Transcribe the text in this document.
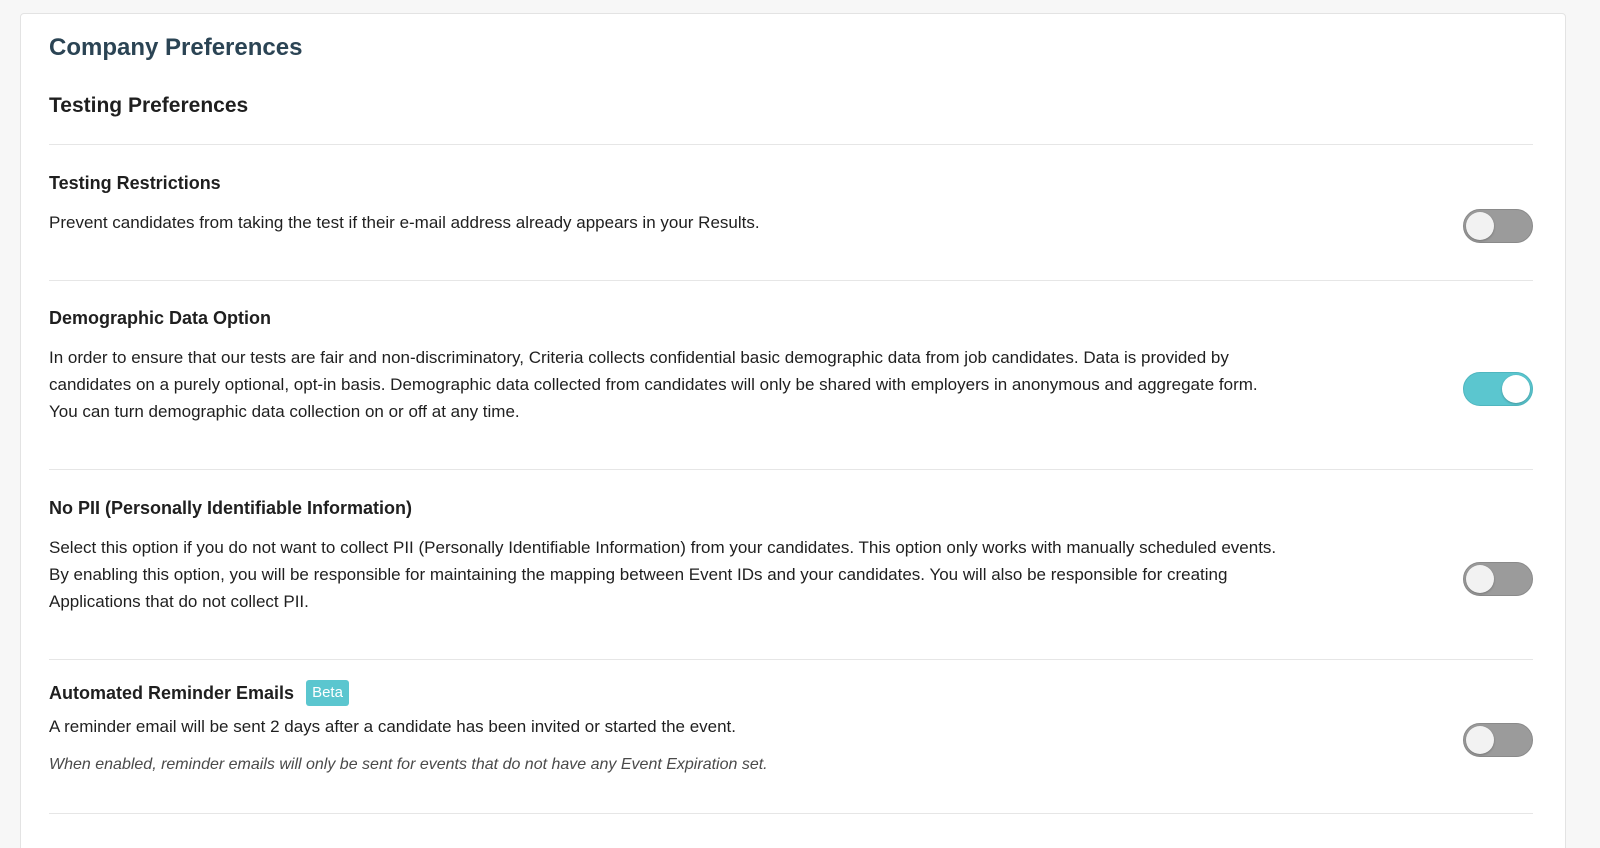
Company Preferences
Testing Preferences
Testing Restrictions
Prevent candidates from taking the test if their e-mail address already appears in your Results.
Demographic Data Option
In order to ensure that our tests are fair and non-discriminatory, Criteria collects confidential basic demographic data from job candidates. Data is provided by candidates on a purely optional, opt-in basis. Demographic data collected from candidates will only be shared with employers in anonymous and aggregate form. You can turn demographic data collection on or off at any time.
No PII (Personally Identifiable Information)
Select this option if you do not want to collect PII (Personally Identifiable Information) from your candidates. This option only works with manually scheduled events. By enabling this option, you will be responsible for maintaining the mapping between Event IDs and your candidates. You will also be responsible for creating Applications that do not collect PII.
Automated Reminder Emails	Beta
A reminder email will be sent 2 days after a candidate has been invited or started the event.
When enabled, reminder emails will only be sent for events that do not have any Event Expiration set.
